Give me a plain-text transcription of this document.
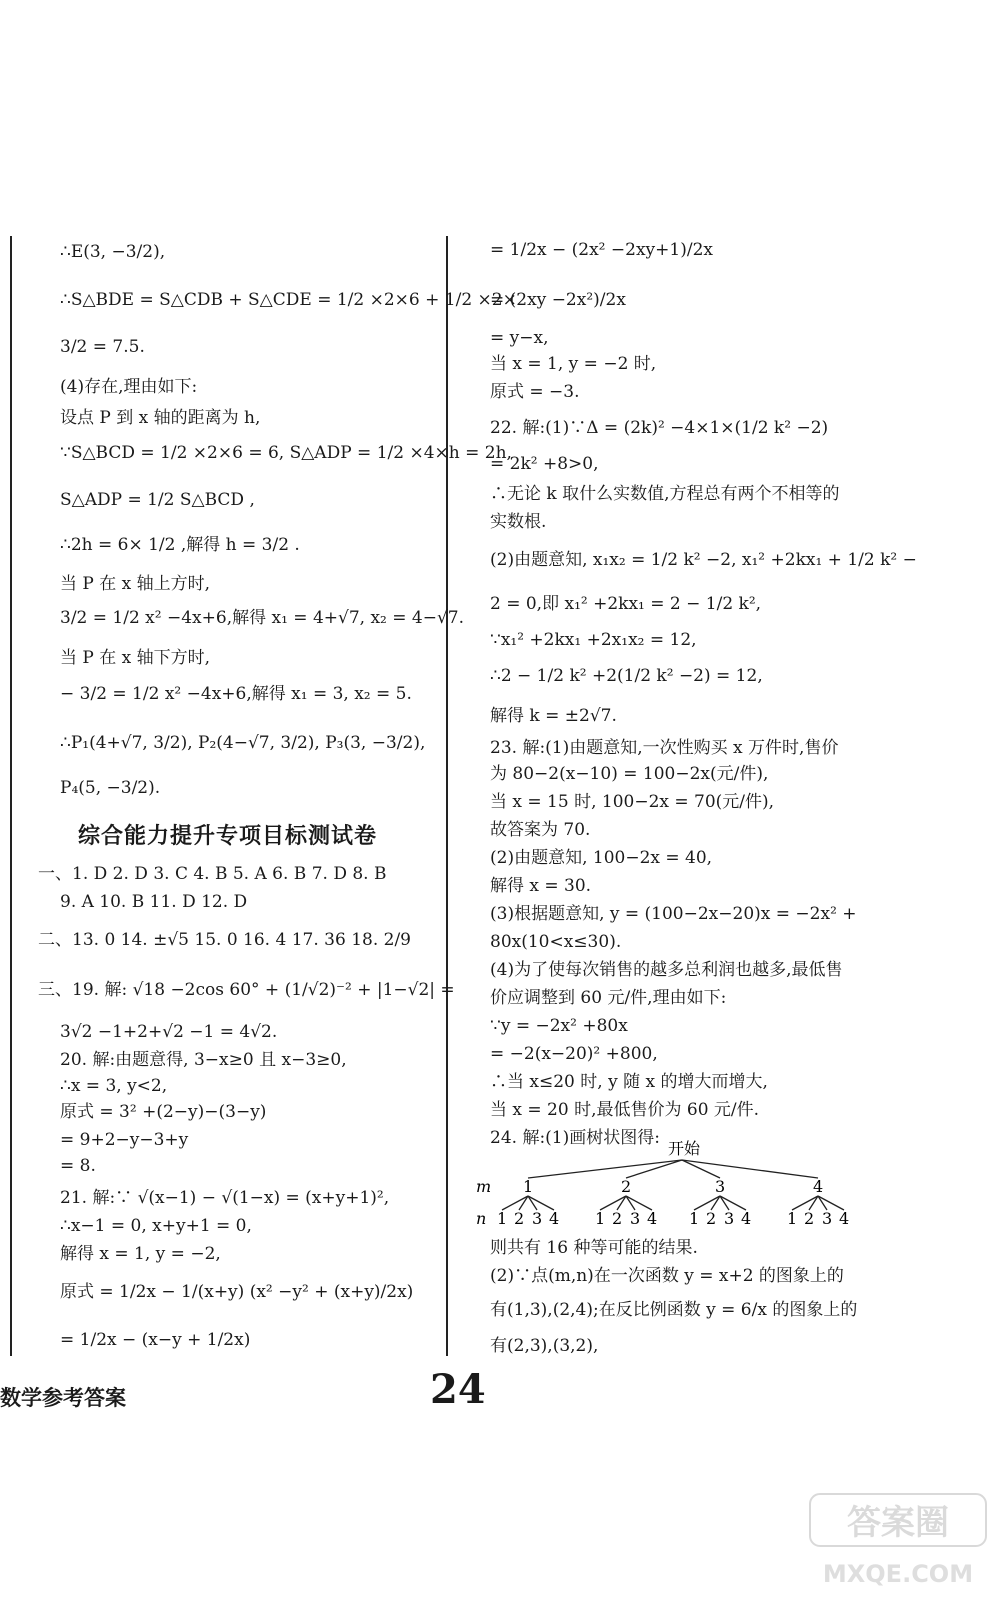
∴E(3, −3/2),
∴S△BDE = S△CDB + S△CDE = 1/2 ×2×6 + 1/2 ×2×
3/2 = 7.5.
(4)存在,理由如下:
设点 P 到 x 轴的距离为 h,
∵S△BCD = 1/2 ×2×6 = 6, S△ADP = 1/2 ×4×h = 2h,
S△ADP = 1/2 S△BCD ,
∴2h = 6× 1/2 ,解得 h = 3/2 .
当 P 在 x 轴上方时,
3/2 = 1/2 x² −4x+6,解得 x₁ = 4+√7, x₂ = 4−√7.
当 P 在 x 轴下方时,
− 3/2 = 1/2 x² −4x+6,解得 x₁ = 3, x₂ = 5.
∴P₁(4+√7, 3/2), P₂(4−√7, 3/2), P₃(3, −3/2),
P₄(5, −3/2).
综合能力提升专项目标测试卷
一、1. D 2. D 3. C 4. B 5. A 6. B 7. D 8. B
9. A 10. B 11. D 12. D
二、13. 0 14. ±√5 15. 0 16. 4 17. 36 18. 2/9
三、19. 解: √18 −2cos 60° + (1/√2)⁻² + |1−√2| =
3√2 −1+2+√2 −1 = 4√2.
20. 解:由题意得, 3−x≥0 且 x−3≥0,
∴x = 3, y<2,
原式 = 3² +(2−y)−(3−y)
= 9+2−y−3+y
= 8.
21. 解:∵ √(x−1) − √(1−x) = (x+y+1)²,
∴x−1 = 0, x+y+1 = 0,
解得 x = 1, y = −2,
原式 = 1/2x − 1/(x+y) (x² −y² + (x+y)/2x)
= 1/2x − (x−y + 1/2x)
= 1/2x − (2x² −2xy+1)/2x
= (2xy −2x²)/2x
= y−x,
当 x = 1, y = −2 时,
原式 = −3.
22. 解:(1)∵Δ = (2k)² −4×1×(1/2 k² −2)
= 2k² +8>0,
∴无论 k 取什么实数值,方程总有两个不相等的
实数根.
(2)由题意知, x₁x₂ = 1/2 k² −2, x₁² +2kx₁ + 1/2 k² −
2 = 0,即 x₁² +2kx₁ = 2 − 1/2 k²,
∵x₁² +2kx₁ +2x₁x₂ = 12,
∴2 − 1/2 k² +2(1/2 k² −2) = 12,
解得 k = ±2√7.
23. 解:(1)由题意知,一次性购买 x 万件时,售价
为 80−2(x−10) = 100−2x(元/件),
当 x = 15 时, 100−2x = 70(元/件),
故答案为 70.
(2)由题意知, 100−2x = 40,
解得 x = 30.
(3)根据题意知, y = (100−2x−20)x = −2x² +
80x(10<x≤30).
(4)为了使每次销售的越多总利润也越多,最低售
价应调整到 60 元/件,理由如下:
∵y = −2x² +80x
= −2(x−20)² +800,
∴当 x≤20 时, y 随 x 的增大而增大,
当 x = 20 时,最低售价为 60 元/件.
24. 解:(1)画树状图得:
开始
m
n
1	2	3	4
1 2 3 4 1 2 3 4 1 2 3 4 1 2 3 4
则共有 16 种等可能的结果.
(2)∵点(m,n)在一次函数 y = x+2 的图象上的
有(1,3),(2,4);在反比例函数 y = 6/x 的图象上的
有(2,3),(3,2),
数学参考答案	24
答案圈
MXQE.COM
